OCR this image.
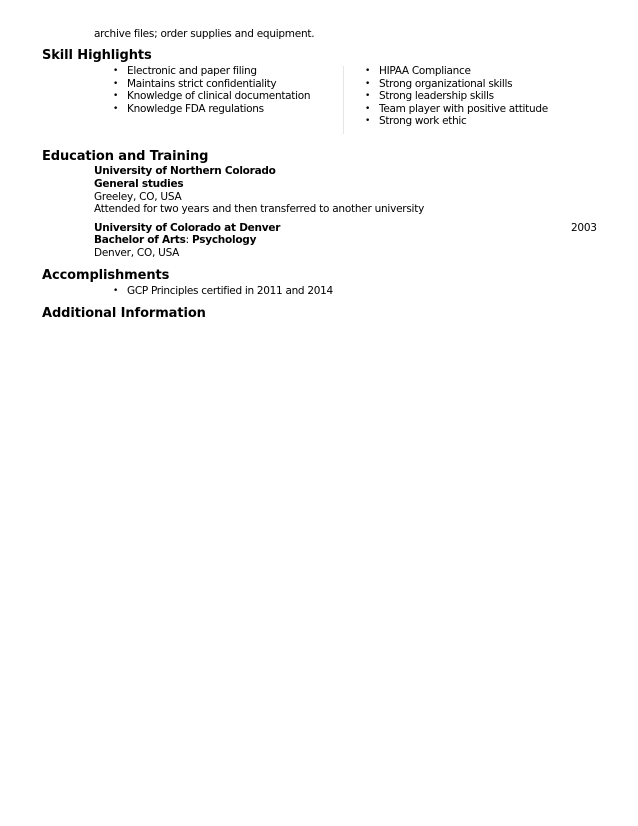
archive files; order supplies and equipment.
Skill Highlights
• Electronic and paper filing
• Maintains strict confidentiality
• Knowledge of clinical documentation
• Knowledge FDA regulations
• HIPAA Compliance
• Strong organizational skills
• Strong leadership skills
• Team player with positive attitude
• Strong work ethic
Education and Training
University of Northern Colorado
General studies
Greeley, CO, USA
Attended for two years and then transferred to another university
University of Colorado at Denver	2003
Bachelor of Arts: Psychology
Denver, CO, USA
Accomplishments
• GCP Principles certified in 2011 and 2014
Additional Information
